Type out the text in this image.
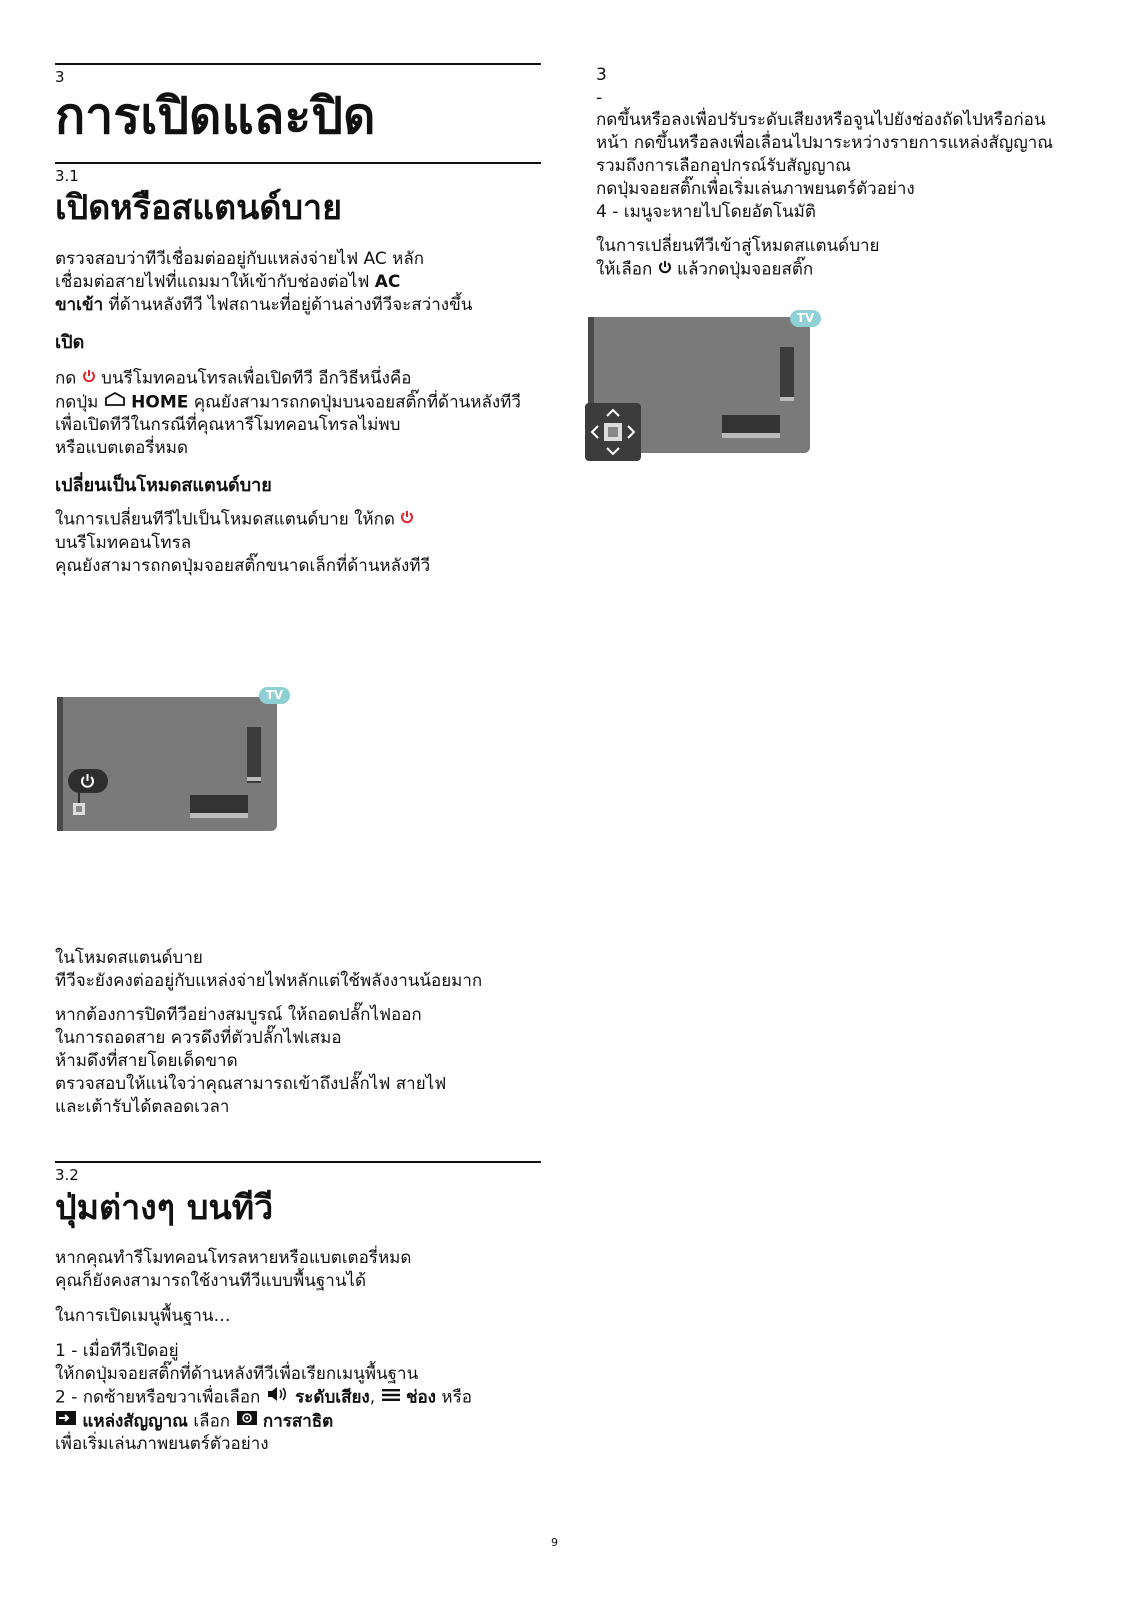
3
การเปิดและปิด
3.1
เปิดหรือสแตนด์บาย
ตรวจสอบว่าทีวีเชื่อมต่ออยู่กับแหล่งจ่ายไฟ AC หลัก
เชื่อมต่อสายไฟที่แถมมาให้เข้ากับช่องต่อไฟ AC
ขาเข้า ที่ด้านหลังทีวี ไฟสถานะที่อยู่ด้านล่างทีวีจะสว่างขึ้น
เปิด
กด  บนรีโมทคอนโทรลเพื่อเปิดทีวี อีกวิธีหนึ่งคือ
กดปุ่ม  HOME คุณยังสามารถกดปุ่มบนจอยสติ๊กที่ด้านหลังทีวี
เพื่อเปิดทีวีในกรณีที่คุณหารีโมทคอนโทรลไม่พบ
หรือแบตเตอรี่หมด
เปลี่ยนเป็นโหมดสแตนด์บาย
ในการเปลี่ยนทีวีไปเป็นโหมดสแตนด์บาย ให้กด
บนรีโมทคอนโทรล
คุณยังสามารถกดปุ่มจอยสติ๊กขนาดเล็กที่ด้านหลังทีวี
TV
ในโหมดสแตนด์บาย
ทีวีจะยังคงต่ออยู่กับแหล่งจ่ายไฟหลักแต่ใช้พลังงานน้อยมาก
หากต้องการปิดทีวีอย่างสมบูรณ์ ให้ถอดปลั๊กไฟออก
ในการถอดสาย ควรดึงที่ตัวปลั๊กไฟเสมอ
ห้ามดึงที่สายโดยเด็ดขาด
ตรวจสอบให้แน่ใจว่าคุณสามารถเข้าถึงปลั๊กไฟ สายไฟ
และเต้ารับได้ตลอดเวลา
3.2
ปุ่มต่างๆ บนทีวี
หากคุณทำรีโมทคอนโทรลหายหรือแบตเตอรี่หมด
คุณก็ยังคงสามารถใช้งานทีวีแบบพื้นฐานได้
ในการเปิดเมนูพื้นฐาน…
1 - เมื่อทีวีเปิดอยู่
ให้กดปุ่มจอยสติ๊กที่ด้านหลังทีวีเพื่อเรียกเมนูพื้นฐาน
2 - กดซ้ายหรือขวาเพื่อเลือก  ระดับเสียง,  ช่อง หรือ
แหล่งสัญญาณ เลือก  การสาธิต
เพื่อเริ่มเล่นภาพยนตร์ตัวอย่าง
3
-
กดขึ้นหรือลงเพื่อปรับระดับเสียงหรือจูนไปยังช่องถัดไปหรือก่อน
หน้า กดขึ้นหรือลงเพื่อเลื่อนไปมาระหว่างรายการแหล่งสัญญาณ
รวมถึงการเลือกอุปกรณ์รับสัญญาณ
กดปุ่มจอยสติ๊กเพื่อเริ่มเล่นภาพยนตร์ตัวอย่าง
4 - เมนูจะหายไปโดยอัตโนมัติ
ในการเปลี่ยนทีวีเข้าสู่โหมดสแตนด์บาย
ให้เลือก  แล้วกดปุ่มจอยสติ๊ก
TV
9
